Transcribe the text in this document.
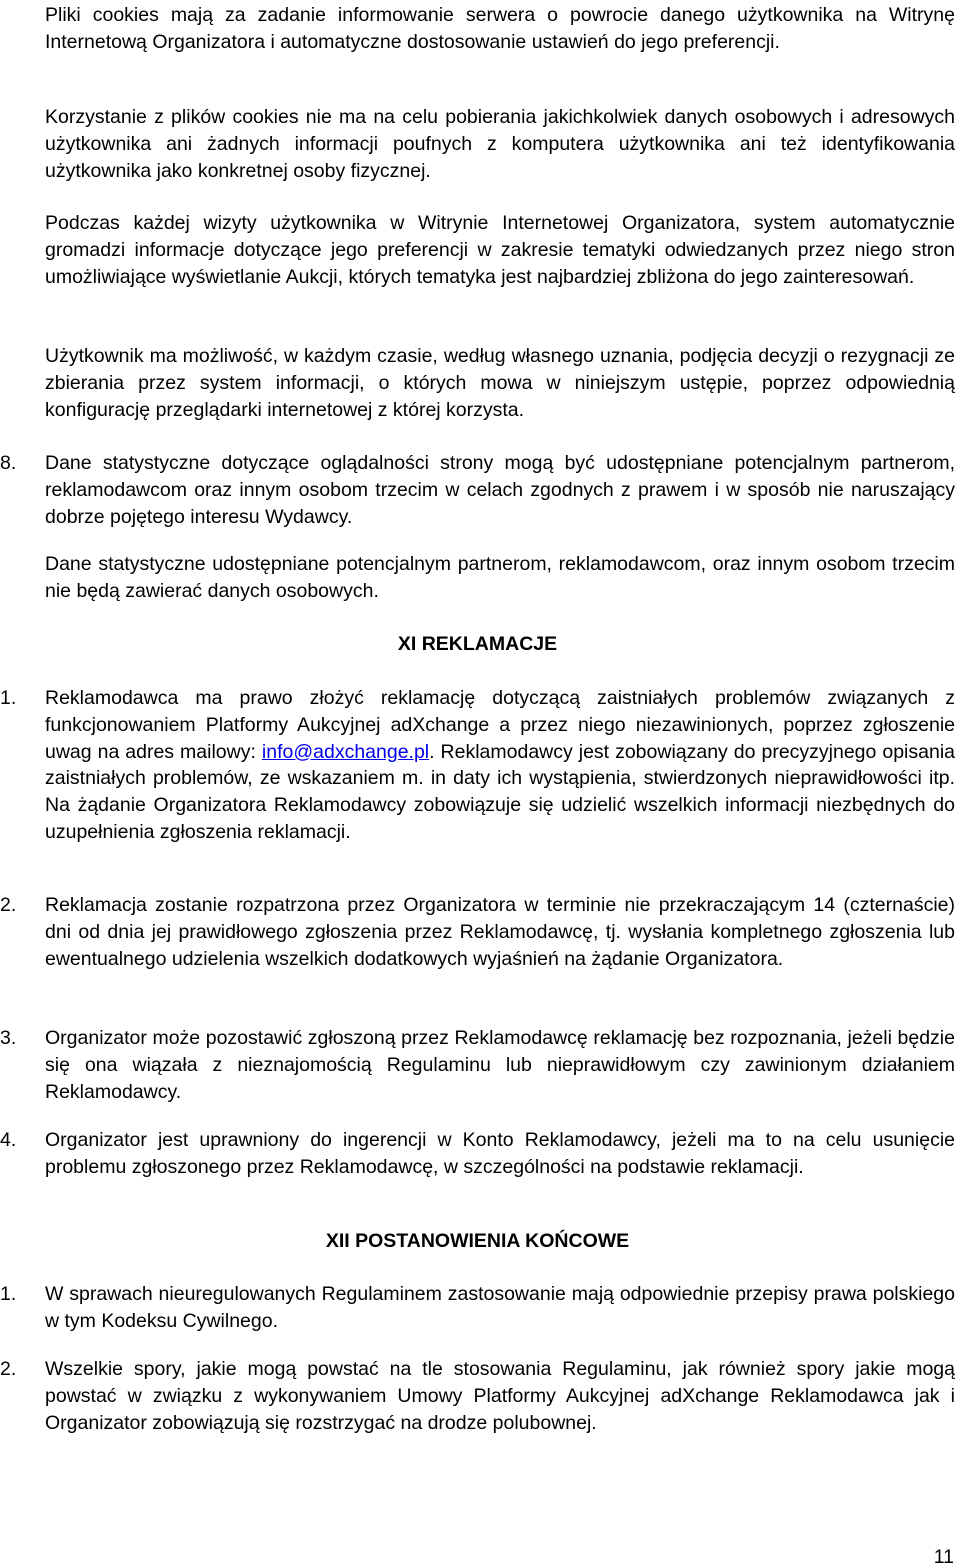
Pliki cookies mają za zadanie informowanie serwera o powrocie danego użytkownika na Witrynę Internetową Organizatora i automatyczne dostosowanie ustawień do jego preferencji.

Korzystanie z plików cookies nie ma na celu pobierania jakichkolwiek danych osobowych i adresowych użytkownika ani żadnych informacji poufnych z komputera użytkownika ani też identyfikowania użytkownika jako konkretnej osoby fizycznej.

Podczas każdej wizyty użytkownika w Witrynie Internetowej Organizatora, system automatycznie gromadzi informacje dotyczące jego preferencji w zakresie tematyki odwiedzanych przez niego stron umożliwiające wyświetlanie Aukcji, których tematyka jest najbardziej zbliżona do jego zainteresowań.

Użytkownik ma możliwość, w każdym czasie, według własnego uznania, podjęcia decyzji o rezygnacji ze zbierania przez system informacji, o których mowa w niniejszym ustępie, poprzez odpowiednią konfigurację przeglądarki internetowej z której korzysta.

8.	Dane statystyczne dotyczące oglądalności strony mogą być udostępniane potencjalnym partnerom, reklamodawcom oraz innym osobom trzecim w celach zgodnych z prawem i w sposób nie naruszający dobrze pojętego interesu Wydawcy.

Dane statystyczne udostępniane potencjalnym partnerom, reklamodawcom, oraz innym osobom trzecim nie będą zawierać danych osobowych.

XI REKLAMACJE
1.	Reklamodawca ma prawo złożyć reklamację dotyczącą zaistniałych problemów związanych z funkcjonowaniem Platformy Aukcyjnej adXchange a przez niego niezawinionych, poprzez zgłoszenie uwag na adres mailowy: info@adxchange.pl. Reklamodawcy jest zobowiązany do precyzyjnego opisania zaistniałych problemów, ze wskazaniem m. in daty ich wystąpienia, stwierdzonych nieprawidłowości itp. Na żądanie Organizatora Reklamodawcy zobowiązuje się udzielić wszelkich informacji niezbędnych do uzupełnienia zgłoszenia reklamacji.
2.	Reklamacja zostanie rozpatrzona przez Organizatora w terminie nie przekraczającym 14 (czternaście) dni od dnia jej prawidłowego zgłoszenia przez Reklamodawcę, tj. wysłania kompletnego zgłoszenia lub ewentualnego udzielenia wszelkich dodatkowych wyjaśnień na żądanie Organizatora.
3.	Organizator może pozostawić zgłoszoną przez Reklamodawcę reklamację bez rozpoznania, jeżeli będzie się ona wiązała z nieznajomością Regulaminu lub nieprawidłowym czy zawinionym działaniem Reklamodawcy.
4.	Organizator jest uprawniony do ingerencji w Konto Reklamodawcy, jeżeli ma to na celu usunięcie problemu zgłoszonego przez Reklamodawcę, w szczególności na podstawie reklamacji.
XII POSTANOWIENIA KOŃCOWE
1.	W sprawach nieuregulowanych Regulaminem zastosowanie mają odpowiednie przepisy prawa polskiego w tym Kodeksu Cywilnego.
2.	Wszelkie spory, jakie mogą powstać na tle stosowania Regulaminu, jak również spory jakie mogą powstać w związku z wykonywaniem Umowy Platformy Aukcyjnej adXchange Reklamodawca jak i Organizator zobowiązują się rozstrzygać na drodze polubownej.
11
